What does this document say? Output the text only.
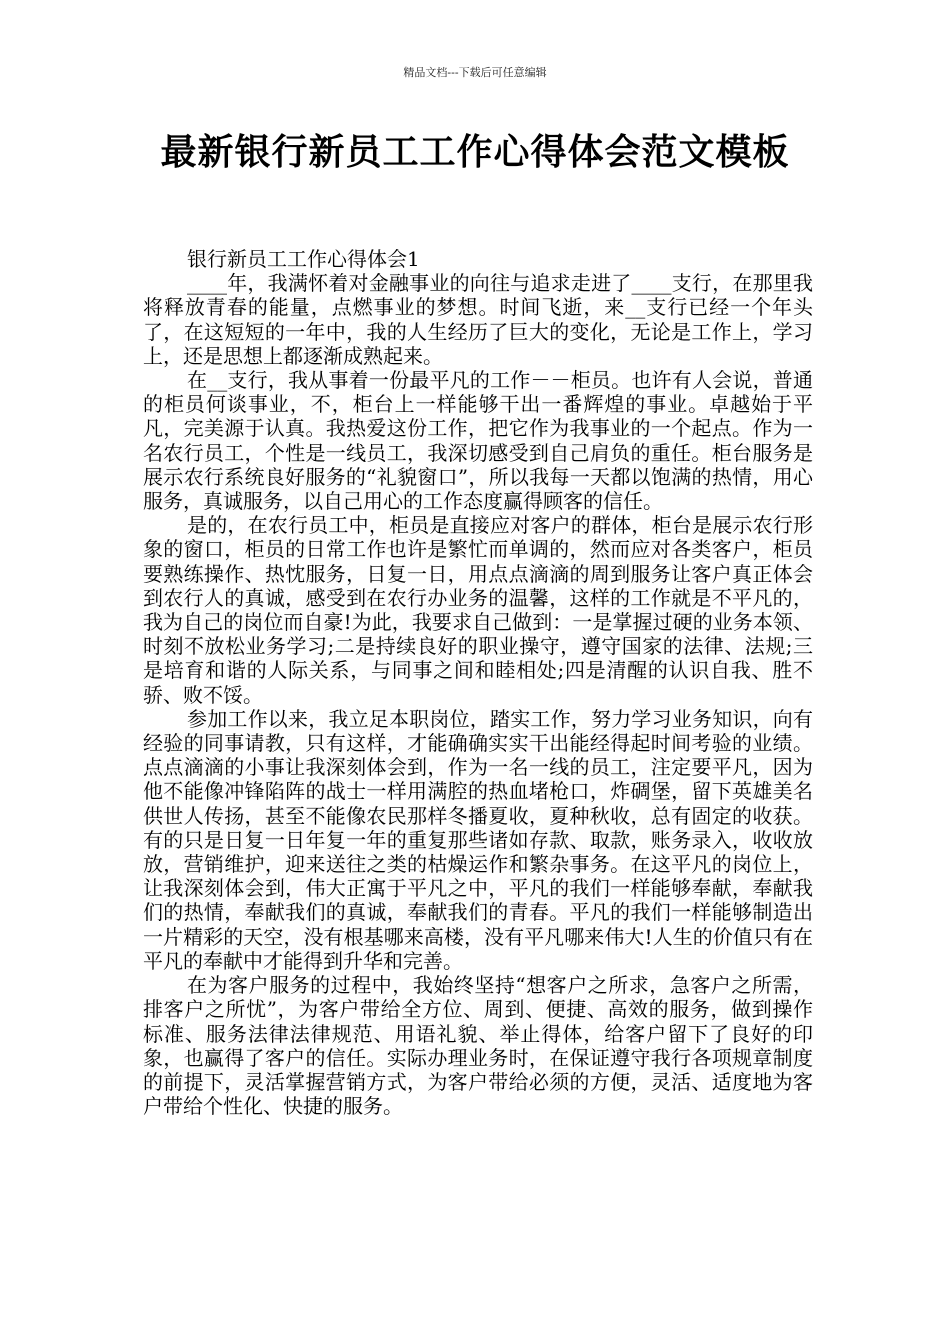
精品文档---下载后可任意编辑
最新银行新员工工作心得体会范文模板
银行新员工工作心得体会1

____年，我满怀着对金融事业的向往与追求走进了____支行，在那里我将释放青春的能量，点燃事业的梦想。时间飞逝，来__支行已经一个年头了，在这短短的一年中，我的人生经历了巨大的变化，无论是工作上，学习上，还是思想上都逐渐成熟起来。

在__支行，我从事着一份最平凡的工作－－柜员。也许有人会说，普通的柜员何谈事业，不，柜台上一样能够干出一番辉煌的事业。卓越始于平凡，完美源于认真。我热爱这份工作，把它作为我事业的一个起点。作为一名农行员工，个性是一线员工，我深切感受到自己肩负的重任。柜台服务是展示农行系统良好服务的“礼貌窗口”，所以我每一天都以饱满的热情，用心服务，真诚服务，以自己用心的工作态度赢得顾客的信任。

是的，在农行员工中，柜员是直接应对客户的群体，柜台是展示农行形象的窗口，柜员的日常工作也许是繁忙而单调的，然而应对各类客户，柜员要熟练操作、热忱服务，日复一日，用点点滴滴的周到服务让客户真正体会到农行人的真诚，感受到在农行办业务的温馨，这样的工作就是不平凡的，我为自己的岗位而自豪!为此，我要求自己做到：一是掌握过硬的业务本领、时刻不放松业务学习;二是持续良好的职业操守，遵守国家的法律、法规;三是培育和谐的人际关系，与同事之间和睦相处;四是清醒的认识自我、胜不骄、败不馁。

参加工作以来，我立足本职岗位，踏实工作，努力学习业务知识，向有经验的同事请教，只有这样，才能确确实实干出能经得起时间考验的业绩。点点滴滴的小事让我深刻体会到，作为一名一线的员工，注定要平凡，因为他不能像冲锋陷阵的战士一样用满腔的热血堵枪口，炸碉堡，留下英雄美名供世人传扬，甚至不能像农民那样冬播夏收，夏种秋收，总有固定的收获。有的只是日复一日年复一年的重复那些诸如存款、取款，账务录入，收收放放，营销维护，迎来送往之类的枯燥运作和繁杂事务。在这平凡的岗位上，让我深刻体会到，伟大正寓于平凡之中，平凡的我们一样能够奉献，奉献我们的热情，奉献我们的真诚，奉献我们的青春。平凡的我们一样能够制造出一片精彩的天空，没有根基哪来高楼，没有平凡哪来伟大!人生的价值只有在平凡的奉献中才能得到升华和完善。

在为客户服务的过程中，我始终坚持“想客户之所求，急客户之所需，排客户之所忧”，为客户带给全方位、周到、便捷、高效的服务，做到操作标准、服务法律法律规范、用语礼貌、举止得体，给客户留下了良好的印象，也赢得了客户的信任。实际办理业务时，在保证遵守我行各项规章制度的前提下，灵活掌握营销方式，为客户带给必须的方便，灵活、适度地为客户带给个性化、快捷的服务。
